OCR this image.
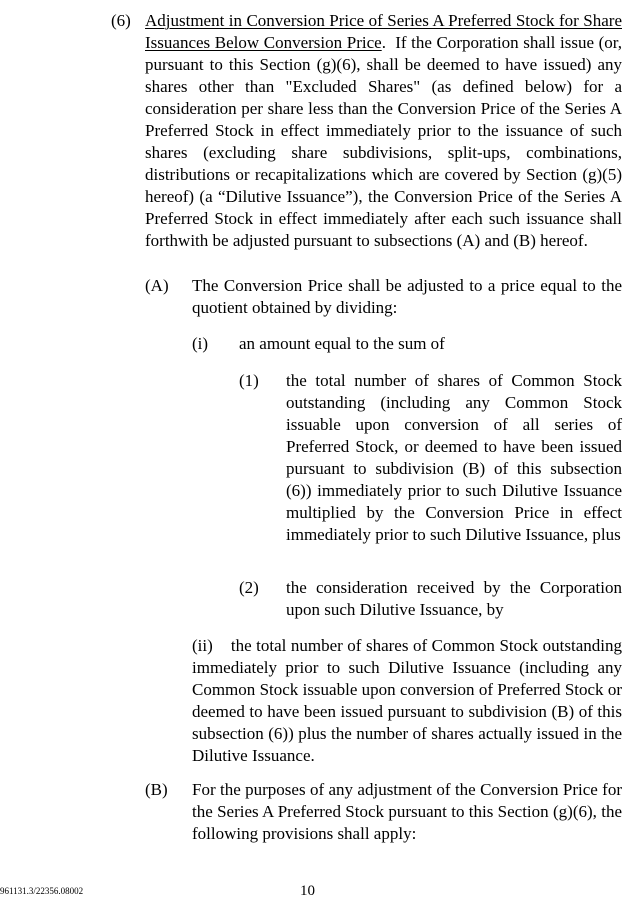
(6) Adjustment in Conversion Price of Series A Preferred Stock for Share Issuances Below Conversion Price. If the Corporation shall issue (or, pursuant to this Section (g)(6), shall be deemed to have issued) any shares other than "Excluded Shares" (as defined below) for a consideration per share less than the Conversion Price of the Series A Preferred Stock in effect immediately prior to the issuance of such shares (excluding share subdivisions, split-ups, combinations, distributions or recapitalizations which are covered by Section (g)(5) hereof) (a “Dilutive Issuance”), the Conversion Price of the Series A Preferred Stock in effect immediately after each such issuance shall forthwith be adjusted pursuant to subsections (A) and (B) hereof.
(A) The Conversion Price shall be adjusted to a price equal to the quotient obtained by dividing:
(i) an amount equal to the sum of
(1) the total number of shares of Common Stock outstanding (including any Common Stock issuable upon conversion of all series of Preferred Stock, or deemed to have been issued pursuant to subdivision (B) of this subsection (6)) immediately prior to such Dilutive Issuance multiplied by the Conversion Price in effect immediately prior to such Dilutive Issuance, plus
(2) the consideration received by the Corporation upon such Dilutive Issuance, by
(ii) the total number of shares of Common Stock outstanding immediately prior to such Dilutive Issuance (including any Common Stock issuable upon conversion of Preferred Stock or deemed to have been issued pursuant to subdivision (B) of this subsection (6)) plus the number of shares actually issued in the Dilutive Issuance.
(B) For the purposes of any adjustment of the Conversion Price for the Series A Preferred Stock pursuant to this Section (g)(6), the following provisions shall apply:
961131.3/22356.08002	10
